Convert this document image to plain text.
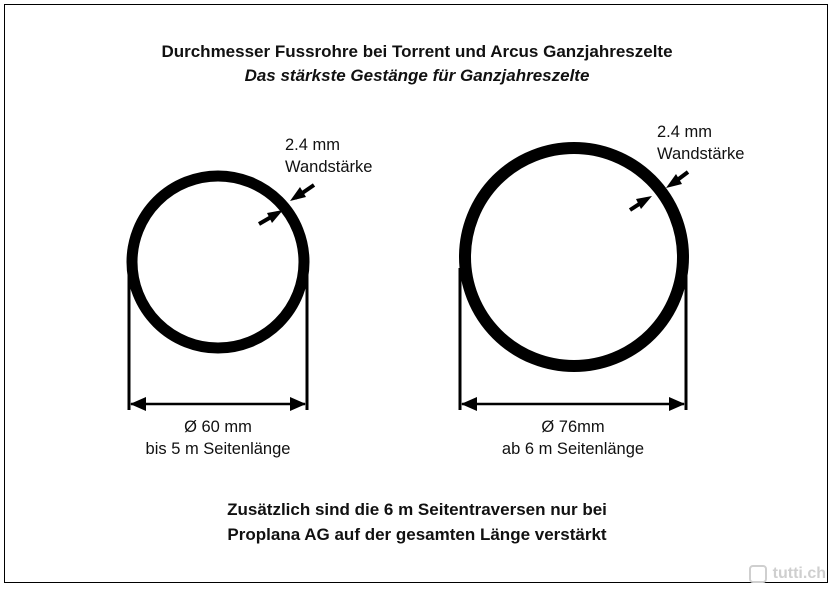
Durchmesser Fussrohre bei Torrent und Arcus Ganzjahreszelte
Das stärkste Gestänge für Ganzjahreszelte
2.4 mm
Wandstärke
Ø 60 mm
bis 5 m Seitenlänge
2.4 mm
Wandstärke
Ø 76mm
ab 6 m Seitenlänge
Zusätzlich sind die 6 m Seitentraversen nur bei
Proplana AG auf der gesamten Länge verstärkt
tutti.ch
